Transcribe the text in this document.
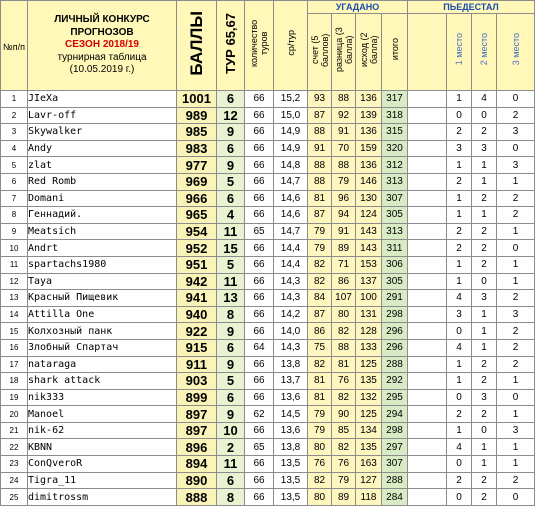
№п/п	ЛИЧНЫЙ КОНКУРС
ПРОГНОЗОВ
СЕЗОН 2018/19
турнирная таблица
(10.05.2019 г.)	БАЛЛЫ	ТУР 65,67	количество туров	ср/тур	УГАДАНО				ПЬЕДЕСТАЛ			
						счет (5 баллов)	разница (3 балла)	исход (2 балла)	итого		1 место	2 место	3 место
1	JIeXa	1001	6	66	15,2	93	88	136	317		1	4	0
2	Lavr-off	989	12	66	15,0	87	92	139	318		0	0	2
3	Skywalker	985	9	66	14,9	88	91	136	315		2	2	3
4	Andy	983	6	66	14,9	91	70	159	320		3	3	0
5	zlat	977	9	66	14,8	88	88	136	312		1	1	3
6	Red Romb	969	5	66	14,7	88	79	146	313		2	1	1
7	Domani	966	6	66	14,6	81	96	130	307		1	2	2
8	Геннадий.	965	4	66	14,6	87	94	124	305		1	1	2
9	Meatsich	954	11	65	14,7	79	91	143	313		2	2	1
10	Andrt	952	15	66	14,4	79	89	143	311		2	2	0
11	spartachs1980	951	5	66	14,4	82	71	153	306		1	2	1
12	Taya	942	11	66	14,3	82	86	137	305		1	0	1
13	Красный Пищевик	941	13	66	14,3	84	107	100	291		4	3	2
14	Attilla One	940	8	66	14,2	87	80	131	298		3	1	3
15	Колхозный панк	922	9	66	14,0	86	82	128	296		0	1	2
16	Злобный Спартач	915	6	64	14,3	75	88	133	296		4	1	2
17	nataraga	911	9	66	13,8	82	81	125	288		1	2	2
18	shark attack	903	5	66	13,7	81	76	135	292		1	2	1
19	nik333	899	6	66	13,6	81	82	132	295		0	3	0
20	Manoel	897	9	62	14,5	79	90	125	294		2	2	1
21	nik-62	897	10	66	13,6	79	85	134	298		1	0	3
22	KBNN	896	2	65	13,8	80	82	135	297		4	1	1
23	ConQveroR	894	11	66	13,5	76	76	163	307		0	1	1
24	Tigra_11	890	6	66	13,5	82	79	127	288		2	2	2
25	dimitrossm	888	8	66	13,5	80	89	118	284		0	2	0
